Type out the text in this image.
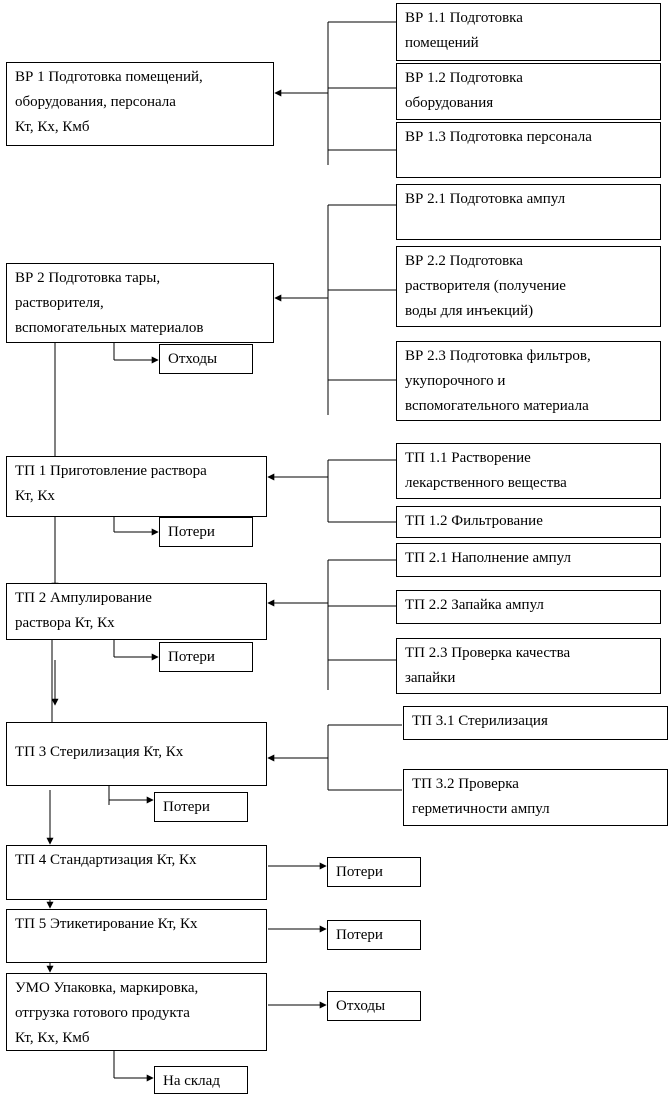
ВР 1 Подготовка помещений,
оборудования, персонала
Кт, Кх, Кмб
ВР 1.1 Подготовка
помещений
ВР 1.2 Подготовка
оборудования
ВР 1.3 Подготовка персонала
ВР 2 Подготовка тары,
растворителя,
вспомогательных материалов
ВР 2.1 Подготовка ампул
ВР 2.2 Подготовка
растворителя (получение
воды для инъекций)
ВР 2.3 Подготовка фильтров,
укупорочного и
вспомогательного материала
Отходы
ТП 1 Приготовление раствора
Кт, Кх
ТП 1.1 Растворение
лекарственного вещества
ТП 1.2 Фильтрование
Потери
ТП 2 Ампулирование
раствора Кт, Кх
ТП 2.1 Наполнение ампул
ТП 2.2 Запайка ампул
ТП 2.3 Проверка качества
запайки
Потери
ТП 3 Стерилизация Кт, Кх
ТП 3.1 Стерилизация
ТП 3.2 Проверка
герметичности ампул
Потери
ТП 4 Стандартизация Кт, Кх
Потери
ТП 5 Этикетирование Кт, Кх
Потери
УМО Упаковка, маркировка,
отгрузка готового продукта
Кт, Кх, Кмб
Отходы
На склад
